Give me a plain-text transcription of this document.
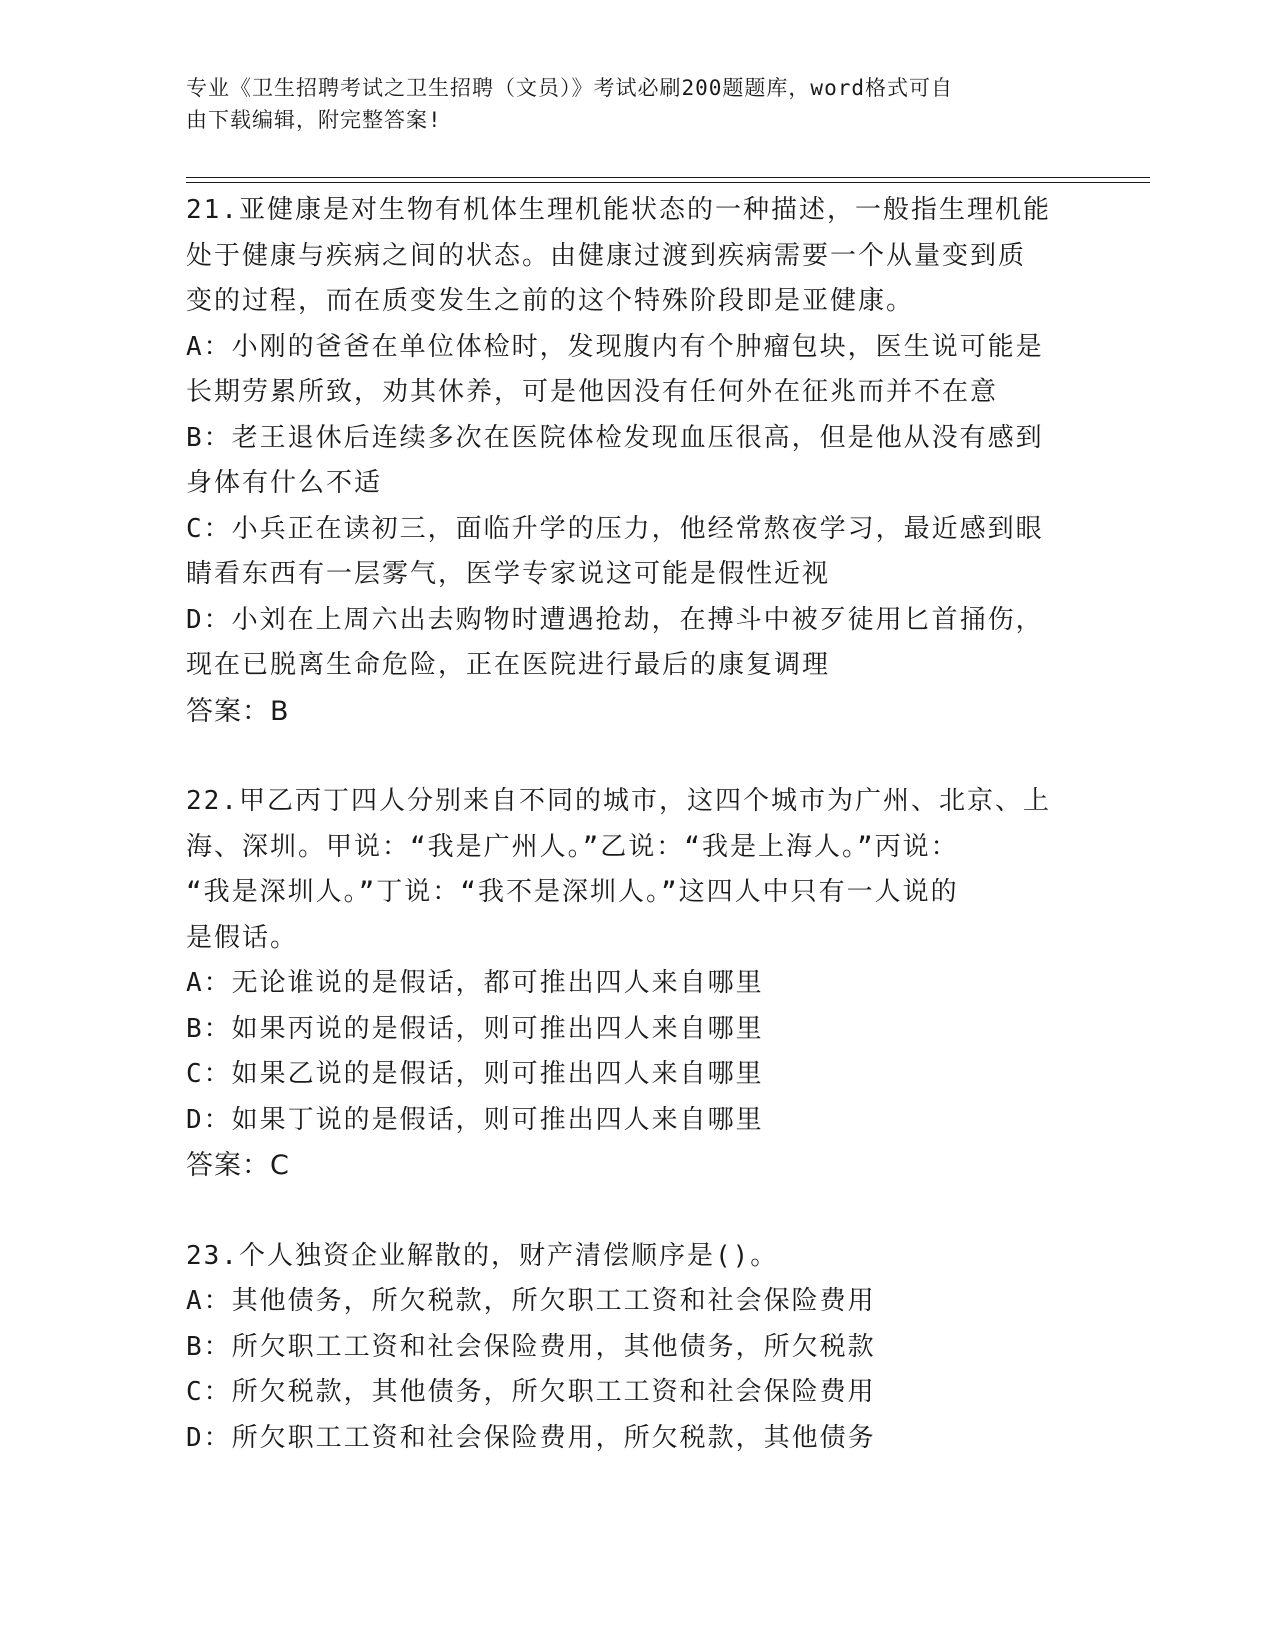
专业《卫生招聘考试之卫生招聘（文员）》考试必刷200题题库，word格式可自
由下载编辑，附完整答案!
21.亚健康是对生物有机体生理机能状态的一种描述，一般指生理机能
处于健康与疾病之间的状态。由健康过渡到疾病需要一个从量变到质
变的过程，而在质变发生之前的这个特殊阶段即是亚健康。
A：小刚的爸爸在单位体检时，发现腹内有个肿瘤包块，医生说可能是
长期劳累所致，劝其休养，可是他因没有任何外在征兆而并不在意
B：老王退休后连续多次在医院体检发现血压很高，但是他从没有感到
身体有什么不适
C：小兵正在读初三，面临升学的压力，他经常熬夜学习，最近感到眼
睛看东西有一层雾气，医学专家说这可能是假性近视
D：小刘在上周六出去购物时遭遇抢劫，在搏斗中被歹徒用匕首捅伤，
现在已脱离生命危险，正在医院进行最后的康复调理
答案：B
22.甲乙丙丁四人分别来自不同的城市，这四个城市为广州、北京、上
海、深圳。甲说：“我是广州人。”乙说：“我是上海人。”丙说：
“我是深圳人。”丁说：“我不是深圳人。”这四人中只有一人说的
是假话。
A：无论谁说的是假话，都可推出四人来自哪里
B：如果丙说的是假话，则可推出四人来自哪里
C：如果乙说的是假话，则可推出四人来自哪里
D：如果丁说的是假话，则可推出四人来自哪里
答案：C
23.个人独资企业解散的，财产清偿顺序是()。
A：其他债务，所欠税款，所欠职工工资和社会保险费用
B：所欠职工工资和社会保险费用，其他债务，所欠税款
C：所欠税款，其他债务，所欠职工工资和社会保险费用
D：所欠职工工资和社会保险费用，所欠税款，其他债务
